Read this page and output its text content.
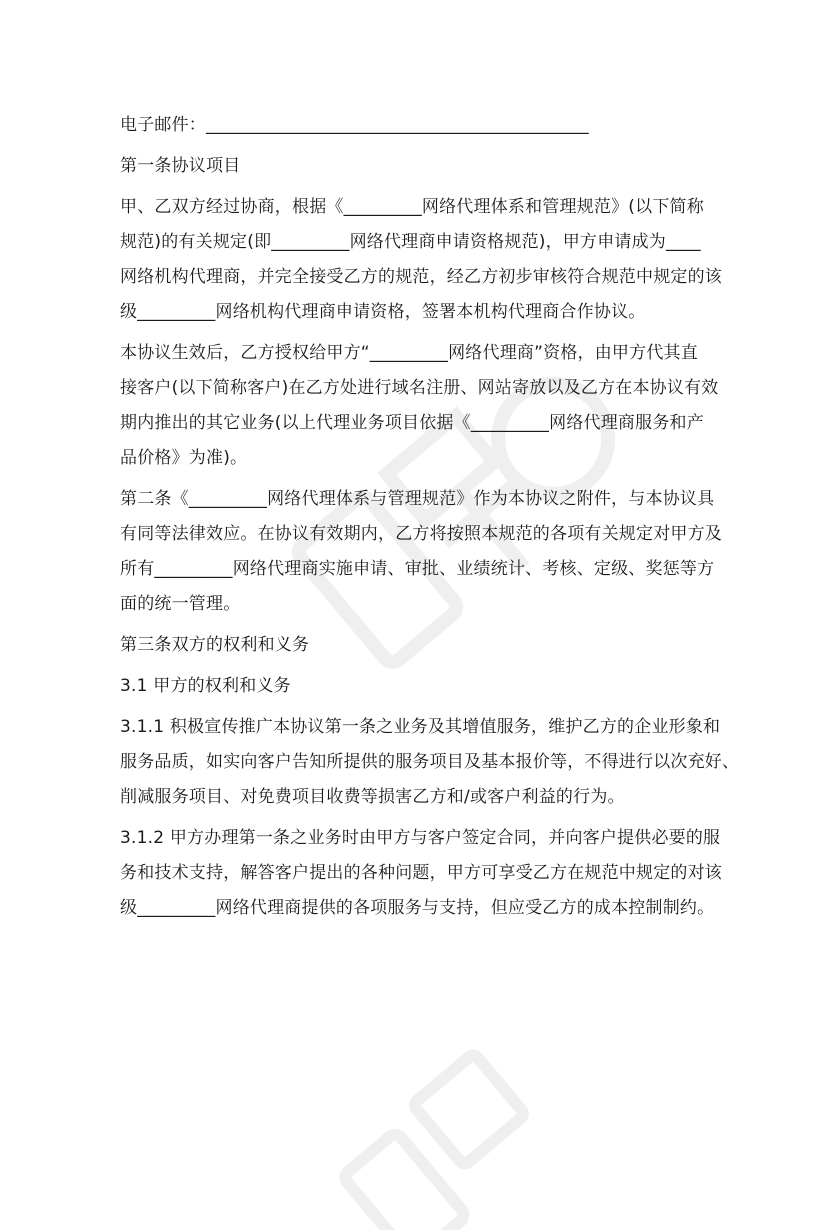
电子邮件：____________________________________________
第一条协议项目
甲、乙双方经过协商，根据《_________网络代理体系和管理规范》(以下简称
规范)的有关规定(即_________网络代理商申请资格规范)，甲方申请成为____
网络机构代理商，并完全接受乙方的规范，经乙方初步审核符合规范中规定的该
级_________网络机构代理商申请资格，签署本机构代理商合作协议。
本协议生效后，乙方授权给甲方“_________网络代理商”资格，由甲方代其直
接客户(以下简称客户)在乙方处进行域名注册、网站寄放以及乙方在本协议有效
期内推出的其它业务(以上代理业务项目依据《_________网络代理商服务和产
品价格》为准)。
第二条《_________网络代理体系与管理规范》作为本协议之附件，与本协议具
有同等法律效应。在协议有效期内，乙方将按照本规范的各项有关规定对甲方及
所有_________网络代理商实施申请、审批、业绩统计、考核、定级、奖惩等方
面的统一管理。
第三条双方的权利和义务
3.1 甲方的权利和义务
3.1.1 积极宣传推广本协议第一条之业务及其增值服务，维护乙方的企业形象和
服务品质，如实向客户告知所提供的服务项目及基本报价等，不得进行以次充好、
削减服务项目、对免费项目收费等损害乙方和/或客户利益的行为。
3.1.2 甲方办理第一条之业务时由甲方与客户签定合同，并向客户提供必要的服
务和技术支持，解答客户提出的各种问题，甲方可享受乙方在规范中规定的对该
级_________网络代理商提供的各项服务与支持，但应受乙方的成本控制制约。
